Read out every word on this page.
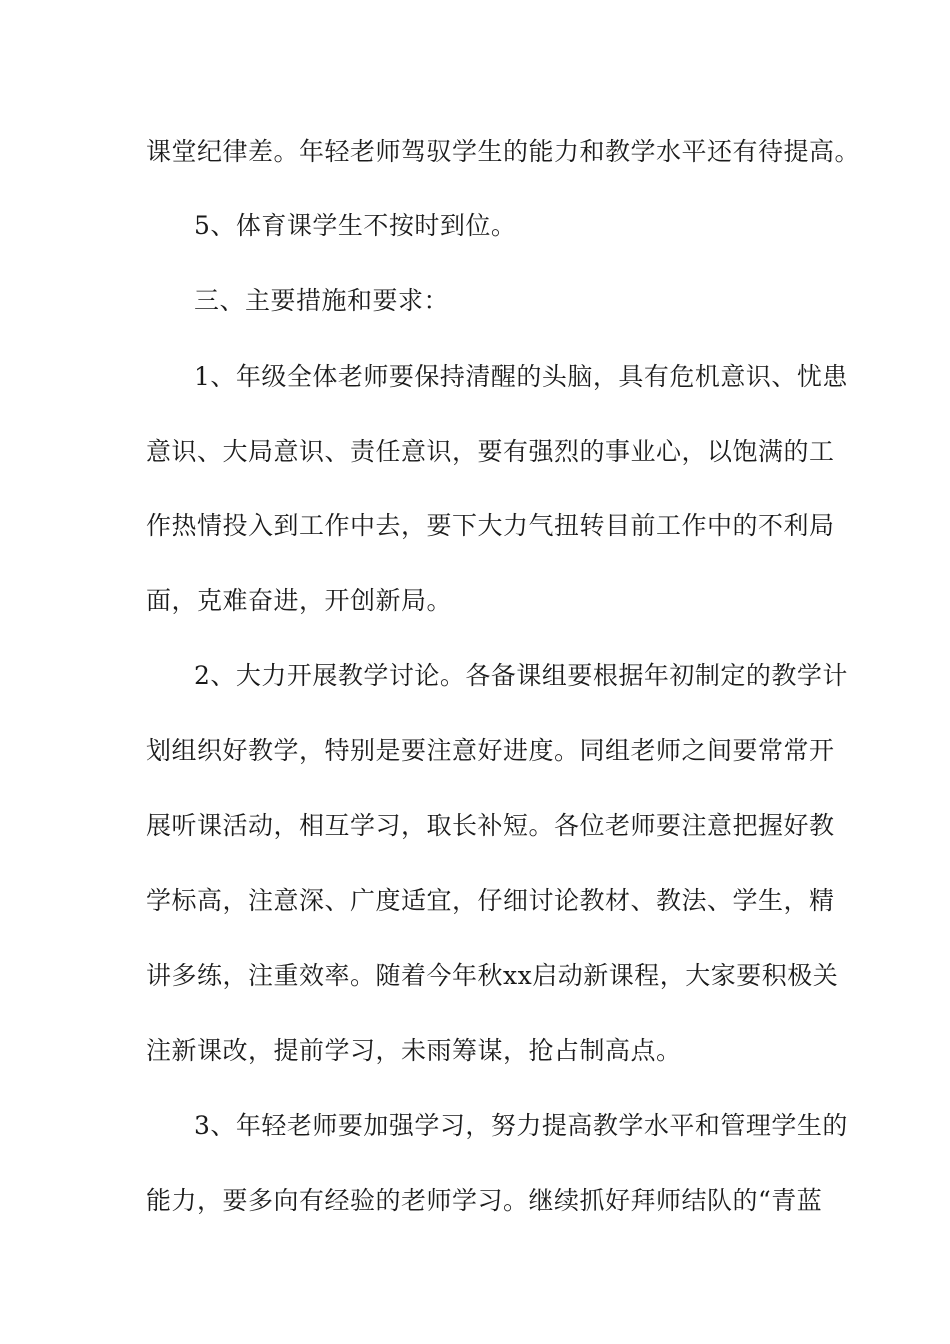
课堂纪律差。年轻老师驾驭学生的能力和教学水平还有待提高。
5、体育课学生不按时到位。
三、主要措施和要求：
1、年级全体老师要保持清醒的头脑，具有危机意识、忧患
意识、大局意识、责任意识，要有强烈的事业心，以饱满的工
作热情投入到工作中去，要下大力气扭转目前工作中的不利局
面，克难奋进，开创新局。
2、大力开展教学讨论。各备课组要根据年初制定的教学计
划组织好教学，特别是要注意好进度。同组老师之间要常常开
展听课活动，相互学习，取长补短。各位老师要注意把握好教
学标高，注意深、广度适宜，仔细讨论教材、教法、学生，精
讲多练，注重效率。随着今年秋xx启动新课程，大家要积极关
注新课改，提前学习，未雨筹谋，抢占制高点。
3、年轻老师要加强学习，努力提高教学水平和管理学生的
能力，要多向有经验的老师学习。继续抓好拜师结队的“青蓝
